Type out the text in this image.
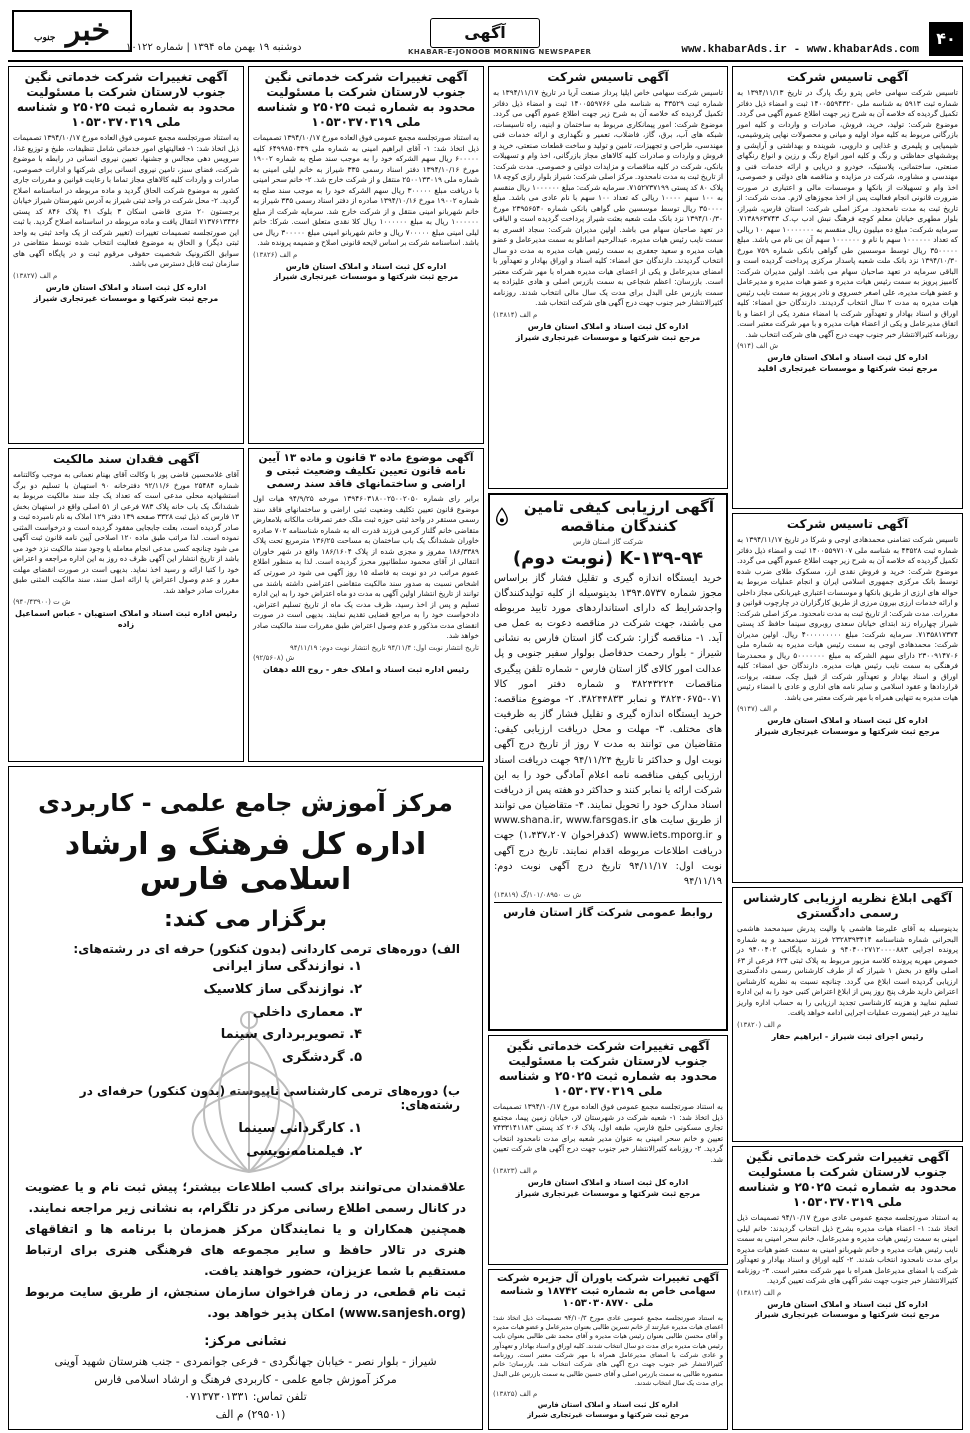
۴۰
www.khabarAds.ir - www.khabarAds.com
آگهی
خبر جنوب
دوشنبه ۱۹ بهمن ماه ۱۳۹۴ | شماره ۱۰۱۲۲	KHABAR-E-JONOOB MORNING NEWSPAPER
آگهی تاسیس شرکت

تاسیس شرکت سهامی خاص پترو رنگ پارگ در تاریخ ۱۳۹۴/۱۱/۱۳ به شماره ثبت ۵۹۱۳ به شناسه ملی ۱۴۰۰۵۵۹۴۳۲۰ ثبت و امضاء ذیل دفاتر تکمیل گردیده که خلاصه آن به شرح زیر جهت اطلاع عموم آگهی می گردد. موضوع شرکت: تولید، خرید، فروش، صادرات و واردات و کلیه امور بازرگانی مربوط به کلیه مواد اولیه و میانی و محصولات نهایی پتروشیمی، شیمیایی و پلیمری و غذایی و دارویی، شوینده و بهداشتی و آرایشی و پوششهای حفاظتی و رنگ و کلیه امور انواع رنگ و رزین و انواع رنگهای صنعتی، ساختمانی، پلاستیک، خودرو و دریایی و ارائه خدمات فنی و مهندسی و مشاوره، شرکت در مزایده و مناقصه های دولتی و خصوصی، اخذ وام و تسهیلات از بانکها و موسسات مالی و اعتباری در صورت ضرورت قانونی انجام فعالیت پس از اخذ مجوزهای لازم. مدت شرکت: از تاریخ ثبت به مدت نامحدود. مرکز اصلی شرکت: استان فارس، شیراز، بلوار مطهری خیابان معلم کوچه فرهنگ نبش ادب پ.ک ۷۱۳۸۹۶۳۷۴۳. سرمایه شرکت: مبلغ ده میلیون ریال منقسم به ۱۰۰۰۰۰۰۰ سهم ۱۰ ریالی که تعداد ۱۰۰۰۰۰۰ سهم با نام و ۱۰۰۰۰۰۰ سهم آن بی نام می باشد. مبلغ ۳۵۰۰۰۰۰ ریال توسط موسسین طی گواهی بانکی شماره ۷۵۹ مورخ ۱۳۹۴/۱۰/۳۰ نزد بانک ملت شعبه پاسدار مرکزی پرداخت گردیده است و الباقی سرمایه در تعهد صاحبان سهام می باشد. اولین مدیران شرکت: کامبیز پرویز به سمت رئیس هیات مدیره و عضو هیات مدیره و مدیرعامل و عضو هیات مدیره، علی اصغر خسروی و نادر پرویز به سمت نایب رئیس هیات مدیره به مدت ۲ سال انتخاب گردیدند. دارندگان حق امضاء: کلیه اوراق و اسناد بهادار و تعهدآور شرکت با امضاء منفرد یکی از اعضا و با اتفاق مدیرعامل و یکی از اعضاء هیات مدیره و با مهر شرکت معتبر است. روزنامه کثیرالانتشار خبر جنوب جهت درج آگهی های شرکت انتخاب شد.

(۹۱۴) ش الف
اداره کل ثبت اسناد و املاک استان فارس
مرجع ثبت شرکتها و موسسات غیرتجاری اقلید
آگهی تاسیس شرکت

تاسیس شرکت تضامنی محمدهادی اوجی و شرکا در تاریخ ۱۳۹۴/۱۱/۱۷ به شماره ثبت ۴۳۵۲۸ به شناسه ملی ۱۴۰۰۵۵۹۷۱۰۷ ثبت و امضاء ذیل دفاتر تکمیل گردیده که خلاصه آن به شرح زیر جهت اطلاع عموم آگهی می گردد. موضوع شرکت: خرید و فروش نقدی ارز، مسکوک طلای ضرب شده توسط بانک مرکزی جمهوری اسلامی ایران و انجام عملیات مربوط به حواله های ارزی از طریق بانکها و موسسات اعتباری غیربانکی مجاز داخلی و ارائه خدمات ارزی بیرون مرزی از طریق کارگزاران در چارچوب قوانین و مقررات. مدت شرکت: از تاریخ ثبت به مدت نامحدود. مرکز اصلی شرکت: شیراز چهارراه زند ابتدای خیابان سعدی روبروی سینما حافظ کد پستی ۷۱۳۵۸۱۷۳۷۴. سرمایه شرکت: مبلغ ۴۰۰۰۰۰۰۰۰۰ ریال. اولین مدیران شرکت: محمدهادی اوجی به سمت رئیس هیات مدیره به شماره ملی ۲۳۰۰۹۱۴۷۰۶ دارای سهم الشرکه به مبلغ ۵۰۰۰۰۰۰۰ ریال و محمدرضا فرهنگی به سمت نایب رئیس هیات مدیره. دارندگان حق امضاء: کلیه اوراق و اسناد بهادار و تعهدآور شرکت از قبیل چک، سفته، بروات، قراردادها و عقود اسلامی و سایر نامه های اداری و عادی با امضاء رئیس هیات مدیره به تنهایی همراه با مهر شرکت معتبر می باشد.

(۹۱۴۷) م الف
اداره کل ثبت اسناد و املاک استان فارس
مرجع ثبت شرکتها و موسسات غیرتجاری شیراز
آگهی ابلاغ نظریه ارزیابی کارشناس رسمی دادگستری

بدینوسیله به آقای علیرضا هاشمی یا والیت پدرش سیدمحمد هاشمی البحرانی شماره شناسنامه ۲۳۲۸۳۹۳۴۱۴ فرزند سیدمحمد و به شماره پرونده اجرایی ۹۴۰۴۰۰۲۷۱۲۰۰۰۰۸۸۳ و شماره بایگانی ۹۴۰۰۴۰۲ در خصوص مهریه پرونده کلاسه مزبور مربوط به پلاک ثبتی ۶۲۴ فرعی از ۶۳ اصلی واقع در بخش ۱ شیراز که از طرف کارشناس رسمی دادگستری ارزیابی گردیده است ابلاغ می گردد. چنانچه نسبت به نظریه کارشناس اعتراض دارید ظرف پنج روز پس از ابلاغ اعتراض کتبی خود را به این اداره تسلیم نمایید و هزینه کارشناسی تجدید ارزیابی را به حساب اداره واریز نمایید در غیر اینصورت عملیات اجرایی ادامه خواهد یافت.

(۱۳۸۲۰) م الف
رئیس اجرای ثبت شیراز - ابراهیم حفار
آگهی تغییرات شرکت خدماتی نگین جنوب لارستان شرکت با مسئولیت محدود به شماره ثبت ۲۵۰۲۵ و شناسه ملی ۱۰۵۳۰۳۷۰۳۱۹

به استناد صورتجلسه مجمع عمومی عادی مورخ ۹۴/۱۰/۱۷ تصمیمات ذیل اتخاذ شد: ۱- اعضاء هیات مدیره بشرح ذیل انتخاب گردیدند: خانم لیلی امینی به سمت رئیس هیات مدیره و مدیرعامل، خانم سحر امینی به سمت نایب رئیس هیات مدیره و خانم شهربانو امینی به سمت عضو هیات مدیره برای مدت نامحدود انتخاب شدند. ۲- کلیه اوراق و اسناد بهادار و تعهدآور شرکت با امضای مدیرعامل همراه با مهر شرکت معتبر است. ۳- روزنامه کثیرالانتشار خبر جنوب جهت نشر آگهی های شرکت تعیین گردید.

(۱۳۸۱۲) م الف
اداره کل ثبت اسناد و املاک استان فارس
مرجع ثبت شرکتها و موسسات غیرتجاری شیراز
آگهی تاسیس شرکت

تاسیس شرکت سهامی خاص ایلیا پرداز صنعت آریا در تاریخ ۱۳۹۴/۱۱/۱۷ به شماره ثبت ۴۳۵۲۹ به شناسه ملی ۱۴۰۰۵۵۹۷۶۶ ثبت و امضاء ذیل دفاتر تکمیل گردیده که خلاصه آن به شرح زیر جهت اطلاع عموم آگهی می گردد. موضوع شرکت: امور پیمانکاری مربوط به ساختمان و ابنیه، راه تاسیسات، شبکه های آب، برق، گاز، فاضلاب، تعمیر و نگهداری و ارائه خدمات فنی مهندسی، طراحی و تجهیزات، تامین و تولید و ساخت قطعات صنعتی، خرید و فروش و واردات و صادرات کلیه کالاهای مجاز بازرگانی، اخذ وام و تسهیلات بانکی، شرکت در کلیه مناقصات و مزایدات دولتی و خصوصی. مدت شرکت: از تاریخ ثبت به مدت نامحدود. مرکز اصلی شرکت: شیراز بلوار رازی کوچه ۱۸ پلاک ۸۰ کد پستی ۷۱۵۲۷۳۷۱۹۹. سرمایه شرکت: مبلغ ۱۰۰۰۰۰۰ ریال منقسم به ۱۰۰ سهم ۱۰۰۰۰ ریالی که تعداد ۱۰۰ سهم با نام عادی می باشد. مبلغ ۳۵۰۰۰۰ ریال توسط موسسین طی گواهی بانکی شماره ۲۳۹۵۶۵۴۰ مورخ ۱۳۹۴/۱۰/۳۰ نزد بانک ملت شعبه بعثت شیراز پرداخت گردیده است و الباقی در تعهد صاحبان سهام می باشد. اولین مدیران شرکت: سجاد افسری به سمت نایب رئیس هیات مدیره، عبدالرحیم اصانلو به سمت مدیرعامل و عضو هیات مدیره و سعید جعفری به سمت رئیس هیات مدیره به مدت دو سال انتخاب گردیدند. دارندگان حق امضاء: کلیه اسناد و اوراق بهادار و تعهدآور با امضای مدیرعامل و یکی از اعضای هیات مدیره همراه با مهر شرکت معتبر است. بازرسان: اعظم شجاعی به سمت بازرس اصلی و هادی علیزاده به سمت بازرس علی البدل برای مدت یک سال مالی انتخاب شدند. روزنامه کثیرالانتشار خبر جنوب جهت درج آگهی های شرکت انتخاب شد.

(۱۳۸۱۴) م الف
اداره کل ثبت اسناد و املاک استان فارس
مرجع ثبت شرکتها و موسسات غیرتجاری شیراز
آگهی ارزیابی کیفی تامین کنندگان مناقصه
شرکت گاز استان فارس
۱۳۹-۹۴-K (نوبت دوم)

خرید ایستگاه اندازه گیری و تقلیل فشار گاز براساس مجوز شماره ۱۳۹۴.۵۷۳۷ بدینوسیله از کلیه تولیدکنندگان واجدشرایط که دارای استانداردهای مورد تایید مربوطه می باشند، جهت شرکت در مناقصه دعوت به عمل می آید. ۱- مناقصه گزار: شرکت گاز استان فارس به نشانی شیراز - بلوار رحمت حدفاصل بولوار سفیر جنوبی و پل عدالت امور کالای گاز استان فارس - شماره تلفن پیگیری مناقصات ۳۸۲۴۳۲۲۴ و شماره دفتر امور کالا ۰۷۱-۳۸۲۴۰۶۷۵ و نمابر ۳۸۲۴۴۸۳۳. ۲- موضوع مناقصه: خرید ایستگاه اندازه گیری و تقلیل فشار گاز به ظرفیت های مختلف. ۳- مهلت و محل دریافت ارزیابی کیفی: متقاضیان می توانند به مدت ۷ روز از تاریخ درج آگهی نوبت اول و حداکثر تا تاریخ ۹۴/۱۱/۲۴ جهت دریافت اسناد ارزیابی کیفی مناقصه نامه اعلام آمادگی خود را به این شرکت ارائه یا نمابر کنند و حداکثر دو هفته پس از دریافت اسناد مدارک خود را تحویل نمایند. ۴- متقاضیان می توانند از طریق سایت های www.shana.ir, www.farsgas.ir و www.iets.mporg.ir (کدفراخوان ۱،۴۳۷،۲۰۷) جهت دریافت اطلاعات مربوطه اقدام نمایند. تاریخ درج آگهی نوبت اول: ۹۴/۱۱/۱۷ تاریخ درج آگهی نوبت دوم: ۹۴/۱۱/۱۹

(۱۳۸۱۹) ش ت ۱۰۱/۰۸۹۵۰/گ
روابط عمومی شرکت گاز استان فارس
آگهی تغییرات شرکت خدماتی نگین جنوب لارستان شرکت با مسئولیت محدود به شماره ثبت ۲۵۰۲۵ و شناسه ملی ۱۰۵۳۰۳۷۰۳۱۹

به استناد صورتجلسه مجمع عمومی فوق العاده مورخ ۱۳۹۴/۱۰/۱۷ تصمیمات ذیل اتخاذ شد: ۱- شعبه شرکت در شهرستان لار، خیابان زمین پیما، مجتمع تجاری مسکونی خلیج فارس، طبقه اول، پلاک ۲۰۶ کد پستی ۷۴۳۳۱۴۱۱۸۳ تعیین و خانم سحر امینی به عنوان مدیر شعبه برای مدت نامحدود انتخاب گردید. ۲- روزنامه کثیرالانتشار خبر جنوب جهت درج آگهی های شرکت تعیین شد.

(۱۳۸۲۳) م الف
اداره کل ثبت اسناد و املاک استان فارس
مرجع ثبت شرکتها و موسسات غیرتجاری شیراز
آگهی تغییرات شرکت یاوران آل جزیره شرکت سهامی خاص به شماره ثبت ۱۸۷۴۲ و شناسه ملی ۱۰۵۳۰۳۰۸۷۷۰

به استناد صورتجلسه مجمع عمومی عادی مورخ ۹۴/۱۰/۳ تصمیمات ذیل اتخاذ شد: اعضای هیات مدیره عبارتند از خانم نسرین طالبی بعنوان مدیرعامل و عضو هیات مدیره و آقای محسن طالبی بعنوان رئیس هیات مدیره و آقای محمد تقی طالبی بعنوان نایب رئیس هیات مدیره برای مدت دو سال انتخاب شدند. کلیه اوراق و اسناد بهادار و تعهدآور و عادی شرکت با امضای مدیرعامل همراه با مهر شرکت معتبر است. روزنامه کثیرالانتشار خبر جنوب جهت درج آگهی های شرکت انتخاب شد. بازرسان: خانم منصوره طالبی به سمت بازرس اصلی و آقای حسین طالبی به سمت بازرس علی البدل برای مدت یک سال انتخاب شدند.

(۱۳۸۲۵) م الف
اداره کل ثبت اسناد و املاک استان فارس
مرجع ثبت شرکتها و موسسات غیرتجاری شیراز
آگهی تغییرات شرکت خدماتی نگین جنوب لارستان شرکت با مسئولیت محدود به شماره ثبت ۲۵۰۲۵ و شناسه ملی ۱۰۵۳۰۳۷۰۳۱۹

به استناد صورتجلسه مجمع عمومی فوق العاده مورخ ۱۳۹۴/۱۰/۱۷ تصمیمات ذیل اتخاذ شد: ۱- آقای ابراهیم امینی به شماره ملی ۶۴۹۹۸۵۰۳۳۹ کلیه ۶۰۰۰۰۰ ریال سهم الشرکه خود را به موجب سند صلح به شماره ۱۹۰۰۲ مورخ ۱۳۹۴/۱۰/۱۶ دفتر اسناد رسمی ۳۳۵ شیراز به خانم لیلی امینی به شماره ملی ۲۵۰۰۱۳۳۰۱۹ منتقل و از شرکت خارج شد. ۲- خانم سحر امینی با دریافت مبلغ ۳۰۰۰۰۰ ریال سهم الشرکه خود را به موجب سند صلح به شماره ۱۹۰۰۲ مورخ ۱۳۹۴/۱۰/۱۶ صادره از دفتر اسناد رسمی ۳۳۵ شیراز به خانم شهربانو امینی منتقل و از شرکت خارج شد. سرمایه شرکت از مبلغ ۱۰۰۰۰۰۰ ریال به مبلغ ۱۰۰۰۰۰۰ ریال کلا نقدی متعلق است. شرکا: خانم لیلی امینی مبلغ ۷۰۰۰۰۰ ریال و خانم شهربانو امینی مبلغ ۳۰۰۰۰۰ ریال می باشد. اساسنامه شرکت بر اساس لایحه قانونی اصلاح و ضمیمه پرونده شد.

(۱۳۸۲۶) م الف
اداره کل ثبت اسناد و املاک استان فارس
مرجع ثبت شرکتها و موسسات غیرتجاری شیراز
آگهی موضوع ماده ۳ قانون و ماده ۱۳ آیین نامه قانون تعیین تکلیف وضعیت ثبتی و اراضی و ساختمانهای فاقد سند رسمی

برابر رای شماره ۱۳۹۴۶۰۳۱۸۰۰۲۵۰۰۲۰۵۰ مورخه ۹۴/۹/۲۵ هیات اول موضوع قانون تعیین تکلیف وضعیت ثبتی اراضی و ساختمانهای فاقد سند رسمی مستقر در واحد ثبتی حوزه ثبت ملک خفر تصرفات مالکانه بلامعارض متقاضی خانم گلنار کرمی فرزند قدرت اله به شماره شناسنامه ۷۰۲ صادره خاوران ششدانگ یک باب ساختمان به مساحت ۱۳۶/۲۵ مترمربع تحت پلاک ۱۸۶/۳۳۸۹ مفروز و مجزی شده از پلاک ۱۸۶/۱۶۰۴ واقع در شهر خاوران انتقالی از آقای محمود سلطانپور محرز گردیده است. لذا به منظور اطلاع عموم مراتب در دو نوبت به فاصله ۱۵ روز آگهی می شود در صورتی که اشخاص نسبت به صدور سند مالکیت متقاضی اعتراضی داشته باشند می توانند از تاریخ انتشار اولین آگهی به مدت دو ماه اعتراض خود را به این اداره تسلیم و پس از اخذ رسید، ظرف مدت یک ماه از تاریخ تسلیم اعتراض، دادخواست خود را به مراجع قضایی تقدیم نمایند. بدیهی است در صورت انقضای مدت مذکور و عدم وصول اعتراض طبق مقررات سند مالکیت صادر خواهد شد.

تاریخ انتشار نوبت اول: ۹۴/۱۱/۴ تاریخ انتشار نوبت دوم: ۹۴/۱۱/۱۹
(۹۲/۵۶۰۸) ش
رئیس اداره ثبت اسناد و املاک خفر - روح الله دهقان
آگهی تغییرات شرکت خدماتی نگین جنوب لارستان شرکت با مسئولیت محدود به شماره ثبت ۲۵۰۲۵ و شناسه ملی ۱۰۵۳۰۳۷۰۳۱۹

به استناد صورتجلسه مجمع عمومی فوق العاده مورخ ۱۳۹۴/۱۰/۱۷ تصمیمات ذیل اتخاذ شد: ۱- فعالیتهای امور خدماتی شامل تنظیفات، طبخ و توزیع غذا، سرویس دهی مجالس و جشنها، تعیین نیروی انسانی در رابطه با موضوع شرکت، فضای سبز، تامین نیروی انسانی برای شرکتها و ادارات خصوصی، صادرات و واردات کلیه کالاهای مجاز تماما با رعایت قوانین و مقررات جاری کشور به موضوع شرکت الحاق گردید و ماده مربوطه در اساسنامه اصلاح گردید. ۲- محل شرکت در واحد ثبتی شیراز به آدرس شهرستان شیراز خیابان برجستون ۲۰ متری قاضی اسکان ۳ بلوک ۴۱ پلاک ۸۴۶ کد پستی ۷۱۳۷۶۱۳۴۳۶ انتقال یافت و ماده مربوطه در اساسنامه اصلاح گردید. با ثبت این صورتجلسه تصمیمات تغییرات (تغییر شرکت از یک واحد ثبتی به واحد ثبتی دیگر) و الحاق به موضوع فعالیت انتخاب شده توسط متقاضی در سوابق الکترونیک شخصیت حقوقی مرقوم ثبت و در پایگاه آگهی های سازمان ثبت قابل دسترس می باشد.

(۱۳۸۲۷) م الف
اداره کل ثبت اسناد و املاک استان فارس
مرجع ثبت شرکتها و موسسات غیرتجاری شیراز
آگهی فقدان سند مالکیت

آقای غلامحسین قاضی پور با وکالت آقای بهنام نعمانی به موجب وکالتنامه شماره ۲۵۴۸۴ مورخ ۹۲/۱۱/۶ دفترخانه ۹۰ استهبان با تسلیم دو برگ استشهادیه محلی مدعی است که تعداد یک جلد سند مالکیت مربوط به ششدانگ یک باب خانه پلاک ۷۸۳ فرعی از ۵۱ اصلی واقع در استهبان بخش ۱۳ فارس که ذیل ثبت ۳۳۲۸ صفحه ۱۳۹ دفتر ۱۲۹ املاک به نام نامبرده ثبت و صادر گردیده است، بعلت جابجایی مفقود گردیده است و درخواست المثنی نموده است. لذا مراتب طبق ماده ۱۲۰ اصلاحی آیین نامه قانون ثبت آگهی می شود چنانچه کسی مدعی انجام معامله یا وجود سند مالکیت نزد خود می باشد از تاریخ انتشار این آگهی ظرف ده روز به این اداره مراجعه و اعتراض خود را کتبا ارائه و رسید اخذ نماید. بدیهی است در صورت انقضای مهلت مقرر و عدم وصول اعتراض یا ارائه اصل سند، سند مالکیت المثنی طبق مقررات صادر خواهد شد.

(۹۴۰/۴۳۹۰۰) ش ت
رئیس اداره ثبت اسناد و املاک استهبان - عباس اسماعیل زاده
مرکز آموزش جامع علمی - کاربردی
اداره کل فرهنگ و ارشاد اسلامی فارس
برگزار می کند:
الف) دوره‌های ترمی کاردانی (بدون کنکور) حرفه ای در رشته‌های:
۱. نوازندگی ساز ایرانی
۲. نوازندگی ساز کلاسیک
۳. معماری داخلی
۴. تصویربرداری سینما
۵. گردشگری
ب) دوره‌های ترمی کارشناسی ناپیوسته (بدون کنکور) حرفه‌ای در رشته‌های:
۱. کارگردانی سینما
۲. فیلمنامه‌نویسی
علاقمندان می‌توانند برای کسب اطلاعات بیشتر؛ پیش ثبت نام و یا عضویت در کانال رسمی اطلاع رسانی مرکز در تلگرام، به نشانی زیر مراجعه نمایند.
همچنین همکاران و یا نمایندگان مرکز همزمان با برنامه ها و اتفاقهای هنری در تالار حافظ و سایر مجموعه های فرهنگی هنری برای ارتباط مستقیم با شما عزیزان، حضور خواهند یافت.
ثبت نام قطعی، در زمان فراخوان سازمان سنجش، از طریق سایت مربوط (www.sanjesh.org) امکان پذیر خواهد بود.
نشانی مرکز:
شیراز - بلوار نصر - خیابان جهانگردی - فرعی جوانمردی - جنب هنرستان شهید آوینی
مرکز آموزش جامع علمی - کاربردی فرهنگ و ارشاد اسلامی فارس
تلفن تماس: ۰۷۱۳۷۳۰۱۳۳۱
(۲۹۵۰۱) م الف
